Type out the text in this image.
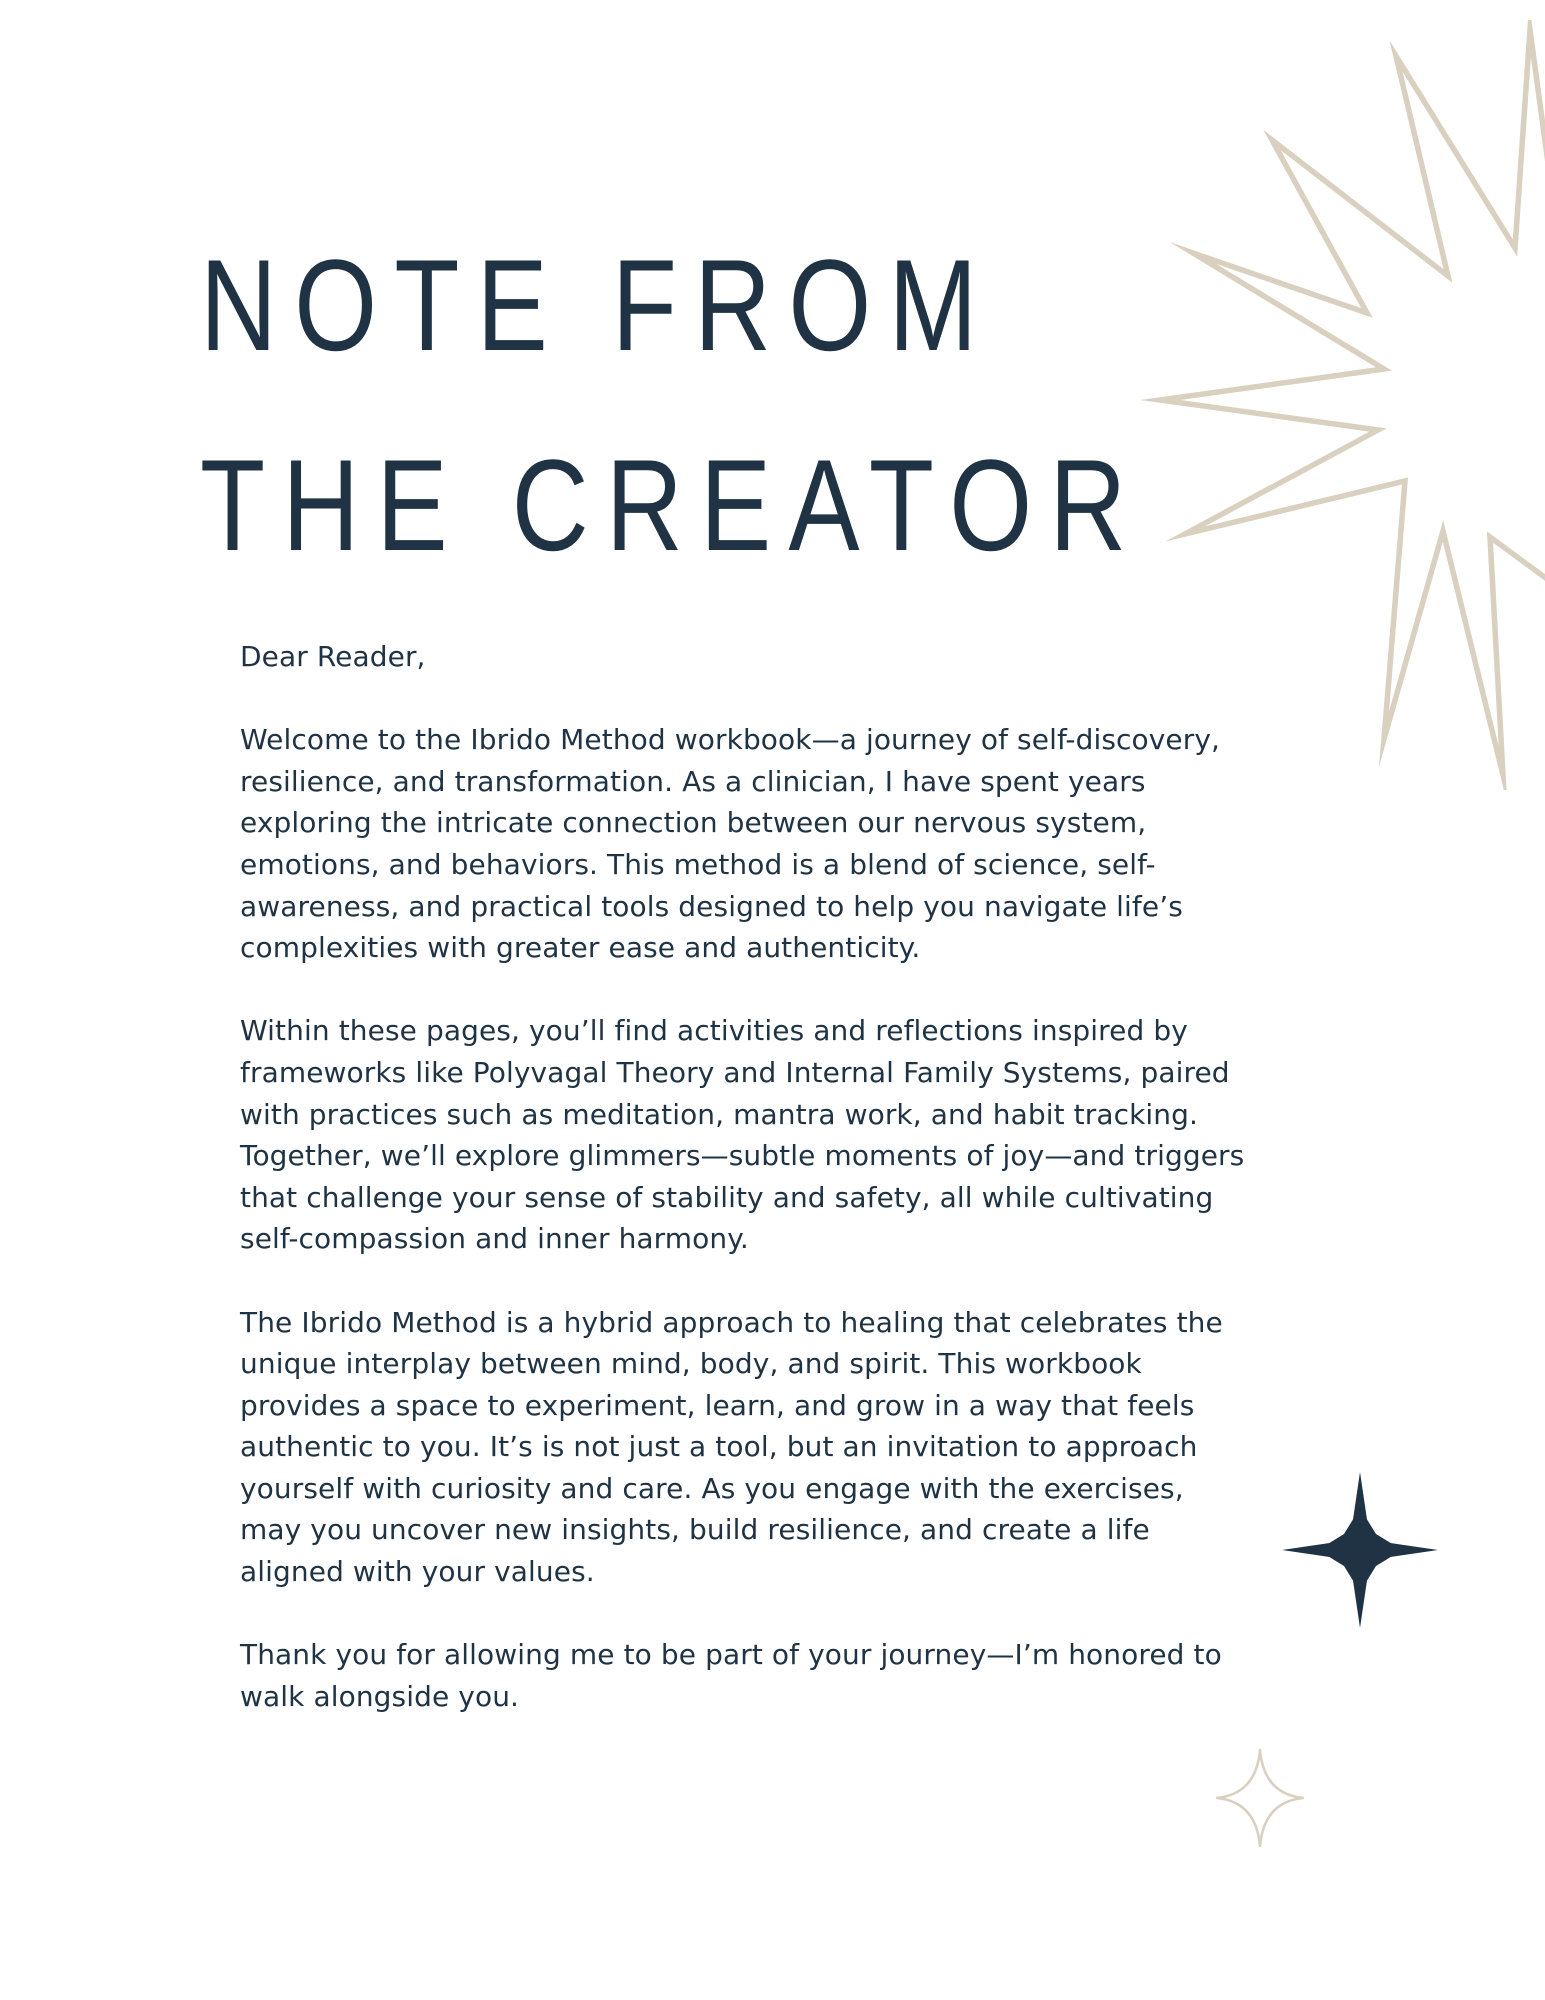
NOTE FROM
THE CREATOR

Dear Reader,

Welcome to the Ibrido Method workbook—a journey of self-discovery,
resilience, and transformation. As a clinician, I have spent years
exploring the intricate connection between our nervous system,
emotions, and behaviors. This method is a blend of science, self-
awareness, and practical tools designed to help you navigate life’s
complexities with greater ease and authenticity.

Within these pages, you’ll find activities and reflections inspired by
frameworks like Polyvagal Theory and Internal Family Systems, paired
with practices such as meditation, mantra work, and habit tracking.
Together, we’ll explore glimmers—subtle moments of joy—and triggers
that challenge your sense of stability and safety, all while cultivating
self-compassion and inner harmony.

The Ibrido Method is a hybrid approach to healing that celebrates the
unique interplay between mind, body, and spirit. This workbook
provides a space to experiment, learn, and grow in a way that feels
authentic to you. It’s is not just a tool, but an invitation to approach
yourself with curiosity and care. As you engage with the exercises,
may you uncover new insights, build resilience, and create a life
aligned with your values.

Thank you for allowing me to be part of your journey—I’m honored to
walk alongside you.
